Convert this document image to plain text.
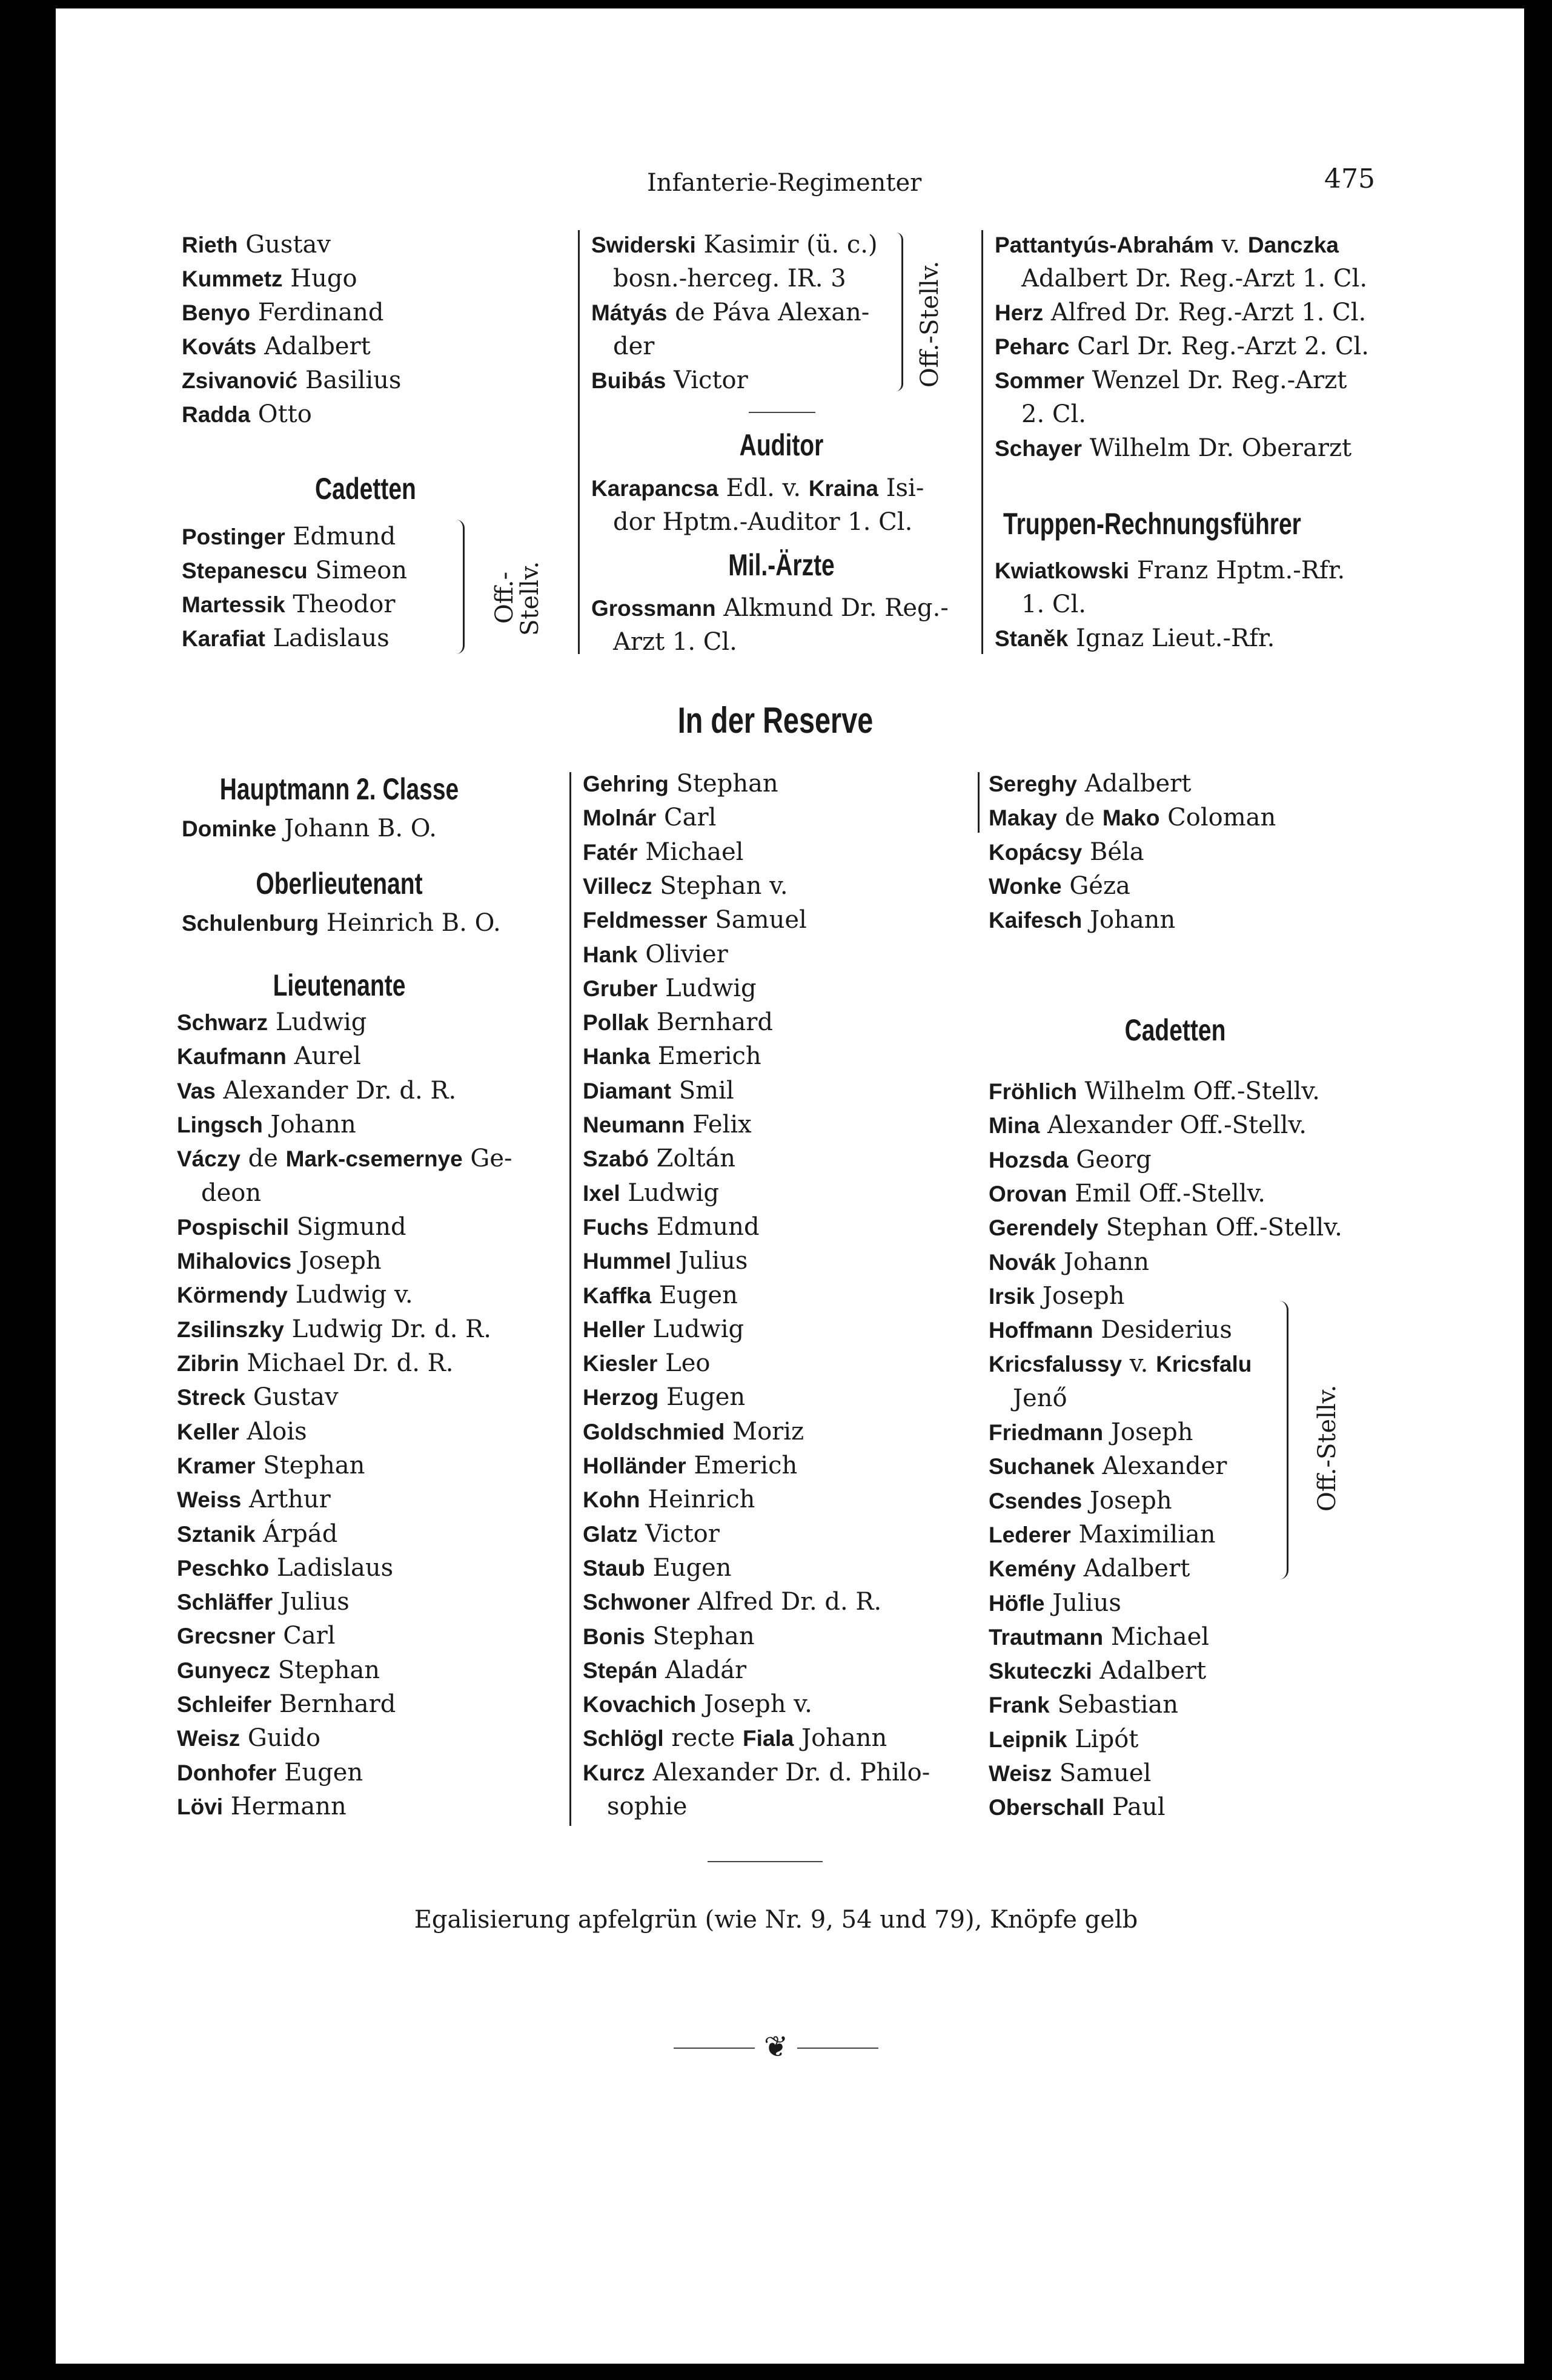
Infanterie-Regimenter	475
Rieth Gustav
Kummetz Hugo
Benyo Ferdinand
Kováts Adalbert
Zsivanović Basilius
Radda Otto
Cadetten
Postinger Edmund
Stepanescu Simeon
Martessik Theodor
Karafiat Ladislaus
Off.-
Stellv.
Swiderski Kasimir (ü. c.)
bosn.-herceg. IR. 3
Mátyás de Páva Alexan-
der
Buibás Victor	Off.-Stellv.
Auditor
Karapancsa Edl. v. Kraina Isi-
dor Hptm.-Auditor 1. Cl.
Mil.-Ärzte
Grossmann Alkmund Dr. Reg.-
Arzt 1. Cl.
Pattantyús-Abrahám v. Danczka
Adalbert Dr. Reg.-Arzt 1. Cl.
Herz Alfred Dr. Reg.-Arzt 1. Cl.
Peharc Carl Dr. Reg.-Arzt 2. Cl.
Sommer Wenzel Dr. Reg.-Arzt
2. Cl.
Schayer Wilhelm Dr. Oberarzt
Truppen-Rechnungsführer
Kwiatkowski Franz Hptm.-Rfr.
1. Cl.
Staněk Ignaz Lieut.-Rfr.
In der Reserve
Hauptmann 2. Classe
Dominke Johann B. O.
Oberlieutenant
Schulenburg Heinrich B. O.
Lieutenante
Schwarz Ludwig
Kaufmann Aurel
Vas Alexander Dr. d. R.
Lingsch Johann
Váczy de Mark-csemernye Ge-
deon
Pospischil Sigmund
Mihalovics Joseph
Körmendy Ludwig v.
Zsilinszky Ludwig Dr. d. R.
Zibrin Michael Dr. d. R.
Streck Gustav
Keller Alois
Kramer Stephan
Weiss Arthur
Sztanik Árpád
Peschko Ladislaus
Schläffer Julius
Grecsner Carl
Gunyecz Stephan
Schleifer Bernhard
Weisz Guido
Donhofer Eugen
Lövi Hermann
Gehring Stephan
Molnár Carl
Fatér Michael
Villecz Stephan v.
Feldmesser Samuel
Hank Olivier
Gruber Ludwig
Pollak Bernhard
Hanka Emerich
Diamant Smil
Neumann Felix
Szabó Zoltán
Ixel Ludwig
Fuchs Edmund
Hummel Julius
Kaffka Eugen
Heller Ludwig
Kiesler Leo
Herzog Eugen
Goldschmied Moriz
Holländer Emerich
Kohn Heinrich
Glatz Victor
Staub Eugen
Schwoner Alfred Dr. d. R.
Bonis Stephan
Stepán Aladár
Kovachich Joseph v.
Schlögl recte Fiala Johann
Kurcz Alexander Dr. d. Philo-
sophie
Sereghy Adalbert
Makay de Mako Coloman
Kopácsy Béla
Wonke Géza
Kaifesch Johann
Cadetten
Fröhlich Wilhelm Off.-Stellv.
Mina Alexander Off.-Stellv.
Hozsda Georg
Orovan Emil Off.-Stellv.
Gerendely Stephan Off.-Stellv.
Novák Johann
Irsik Joseph
Hoffmann Desiderius
Kricsfalussy v. Kricsfalu
Jenő
Friedmann Joseph
Suchanek Alexander
Csendes Joseph
Lederer Maximilian
Kemény Adalbert
Höfle Julius
Trautmann Michael
Skuteczki Adalbert
Frank Sebastian
Leipnik Lipót
Weisz Samuel
Oberschall Paul
Off.-Stellv.
Egalisierung apfelgrün (wie Nr. 9, 54 und 79), Knöpfe gelb
❦
